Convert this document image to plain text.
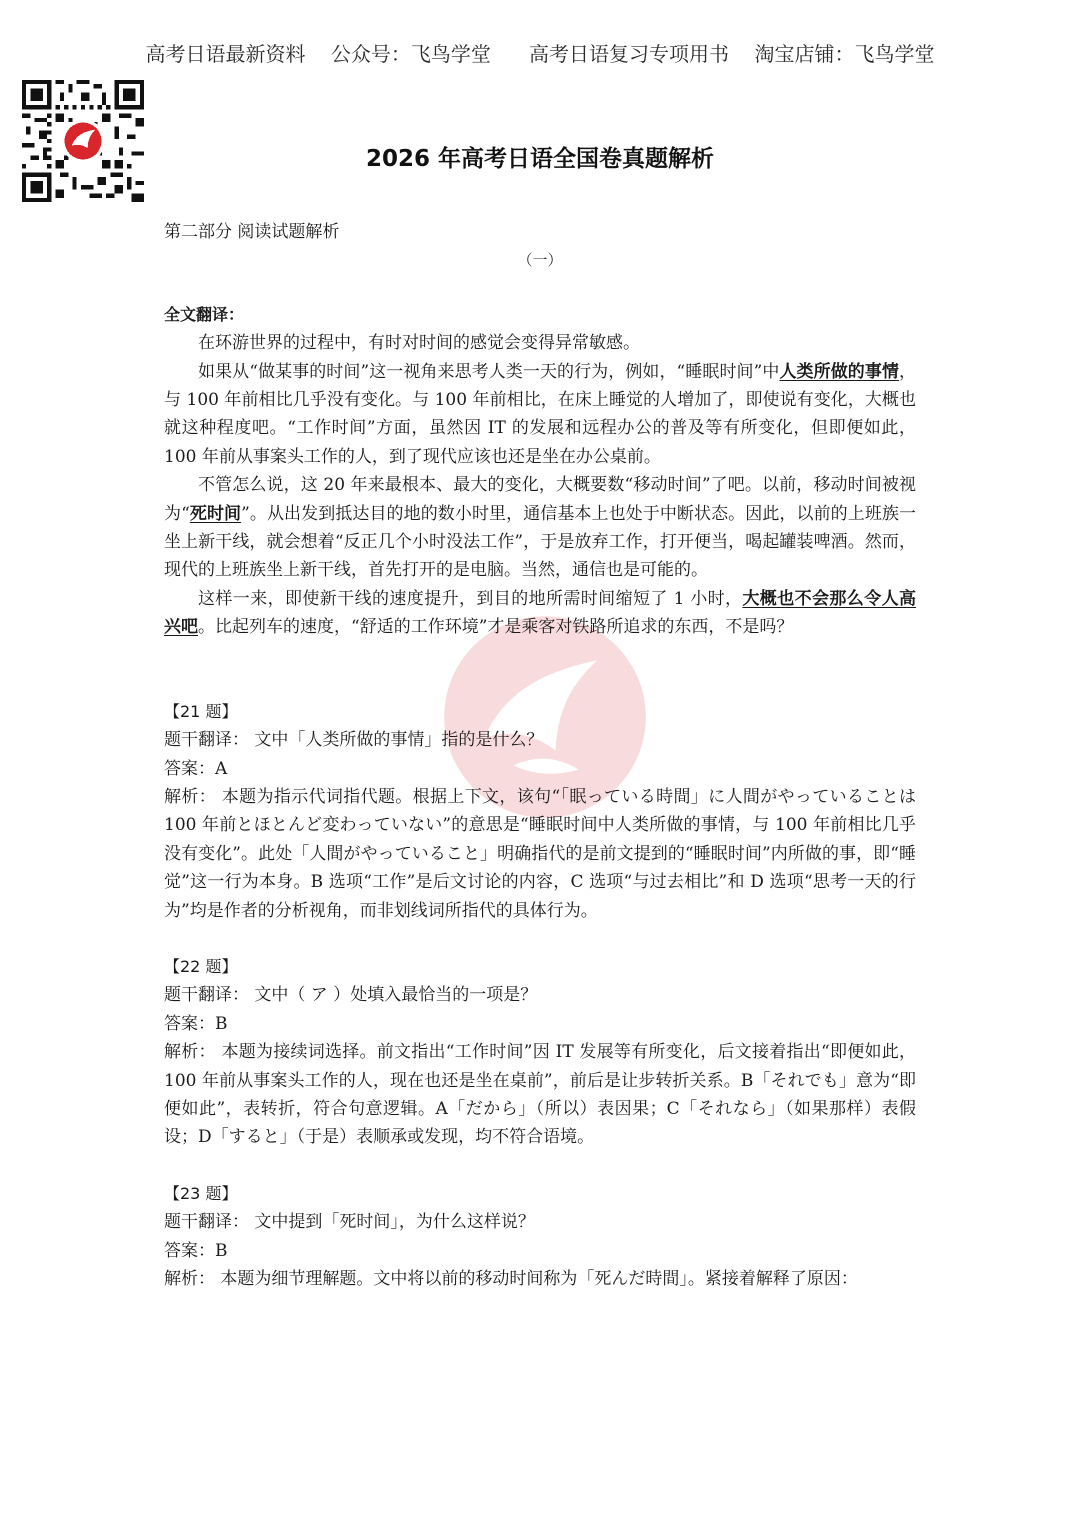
高考日语最新资料    公众号：飞鸟学堂      高考日语复习专项用书    淘宝店铺：飞鸟学堂
2026 年高考日语全国卷真题解析

第二部分 阅读试题解析

（一）

全文翻译：

在环游世界的过程中，有时对时间的感觉会变得异常敏感。

如果从“做某事的时间”这一视角来思考人类一天的行为，例如，“睡眠时间”中人类所做的事情，与 100 年前相比几乎没有变化。与 100 年前相比，在床上睡觉的人增加了，即使说有变化，大概也就这种程度吧。“工作时间”方面，虽然因 IT 的发展和远程办公的普及等有所变化，但即便如此，100 年前从事案头工作的人，到了现代应该也还是坐在办公桌前。

不管怎么说，这 20 年来最根本、最大的变化，大概要数“移动时间”了吧。以前，移动时间被视为“死时间”。从出发到抵达目的地的数小时里，通信基本上也处于中断状态。因此，以前的上班族一坐上新干线，就会想着“反正几个小时没法工作”，于是放弃工作，打开便当，喝起罐装啤酒。然而，现代的上班族坐上新干线，首先打开的是电脑。当然，通信也是可能的。

这样一来，即使新干线的速度提升，到目的地所需时间缩短了 1 小时，大概也不会那么令人高兴吧。比起列车的速度，“舒适的工作环境”才是乘客对铁路所追求的东西，不是吗？

【21 题】

题干翻译： 文中「人类所做的事情」指的是什么？

答案：A

解析： 本题为指示代词指代题。根据上下文，该句“「眠っている時間」に人間がやっていることは 100 年前とほとんど変わっていない”的意思是“睡眠时间中人类所做的事情，与 100 年前相比几乎没有变化”。此处「人間がやっていること」明确指代的是前文提到的“睡眠时间”内所做的事，即“睡觉”这一行为本身。B 选项“工作”是后文讨论的内容，C 选项“与过去相比”和 D 选项“思考一天的行为”均是作者的分析视角，而非划线词所指代的具体行为。

【22 题】

题干翻译： 文中（ ア ）处填入最恰当的一项是？

答案：B

解析： 本题为接续词选择。前文指出“工作时间”因 IT 发展等有所变化，后文接着指出“即便如此，100 年前从事案头工作的人，现在也还是坐在桌前”，前后是让步转折关系。B「それでも」意为“即便如此”，表转折，符合句意逻辑。A「だから」（所以）表因果；C「それなら」（如果那样）表假设；D「すると」（于是）表顺承或发现，均不符合语境。

【23 题】

题干翻译： 文中提到「死时间」，为什么这样说？

答案：B

解析： 本题为细节理解题。文中将以前的移动时间称为「死んだ時間」。紧接着解释了原因：
